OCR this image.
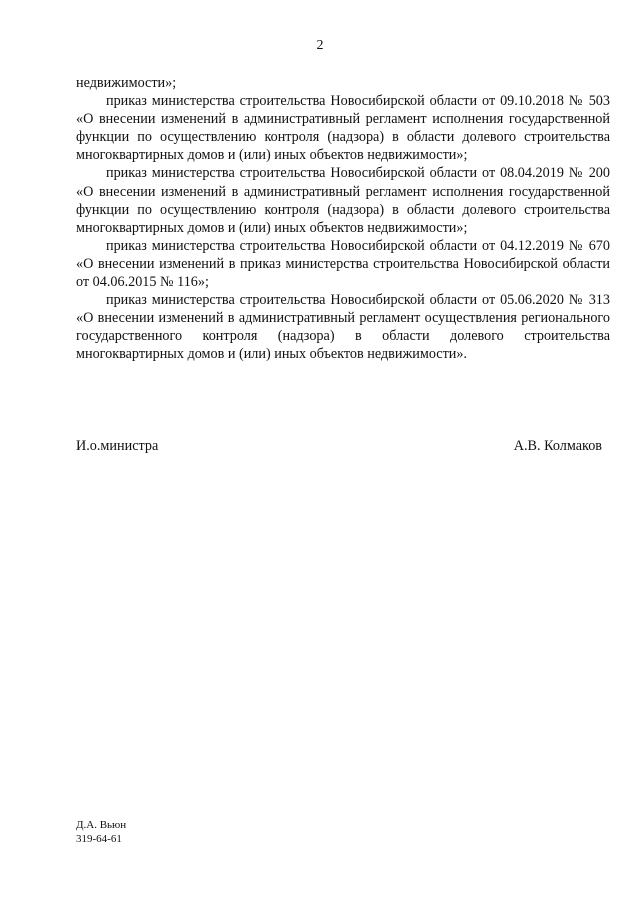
2

недвижимости»;

приказ министерства строительства Новосибирской области от 09.10.2018 № 503 «О внесении изменений в административный регламент исполнения государственной функции по осуществлению контроля (надзора) в области долевого строительства многоквартирных домов и (или) иных объектов недвижимости»;

приказ министерства строительства Новосибирской области от 08.04.2019 № 200 «О внесении изменений в административный регламент исполнения государственной функции по осуществлению контроля (надзора) в области долевого строительства многоквартирных домов и (или) иных объектов недвижимости»;

приказ министерства строительства Новосибирской области от 04.12.2019 № 670 «О внесении изменений в приказ министерства строительства Новосибирской области от 04.06.2015 № 116»;

приказ министерства строительства Новосибирской области от 05.06.2020 № 313 «О внесении изменений в административный регламент осуществления регионального государственного контроля (надзора) в области долевого строительства многоквартирных домов и (или) иных объектов недвижимости».

И.о.министра	А.В. Колмаков
Д.А. Вьюн
319-64-61
